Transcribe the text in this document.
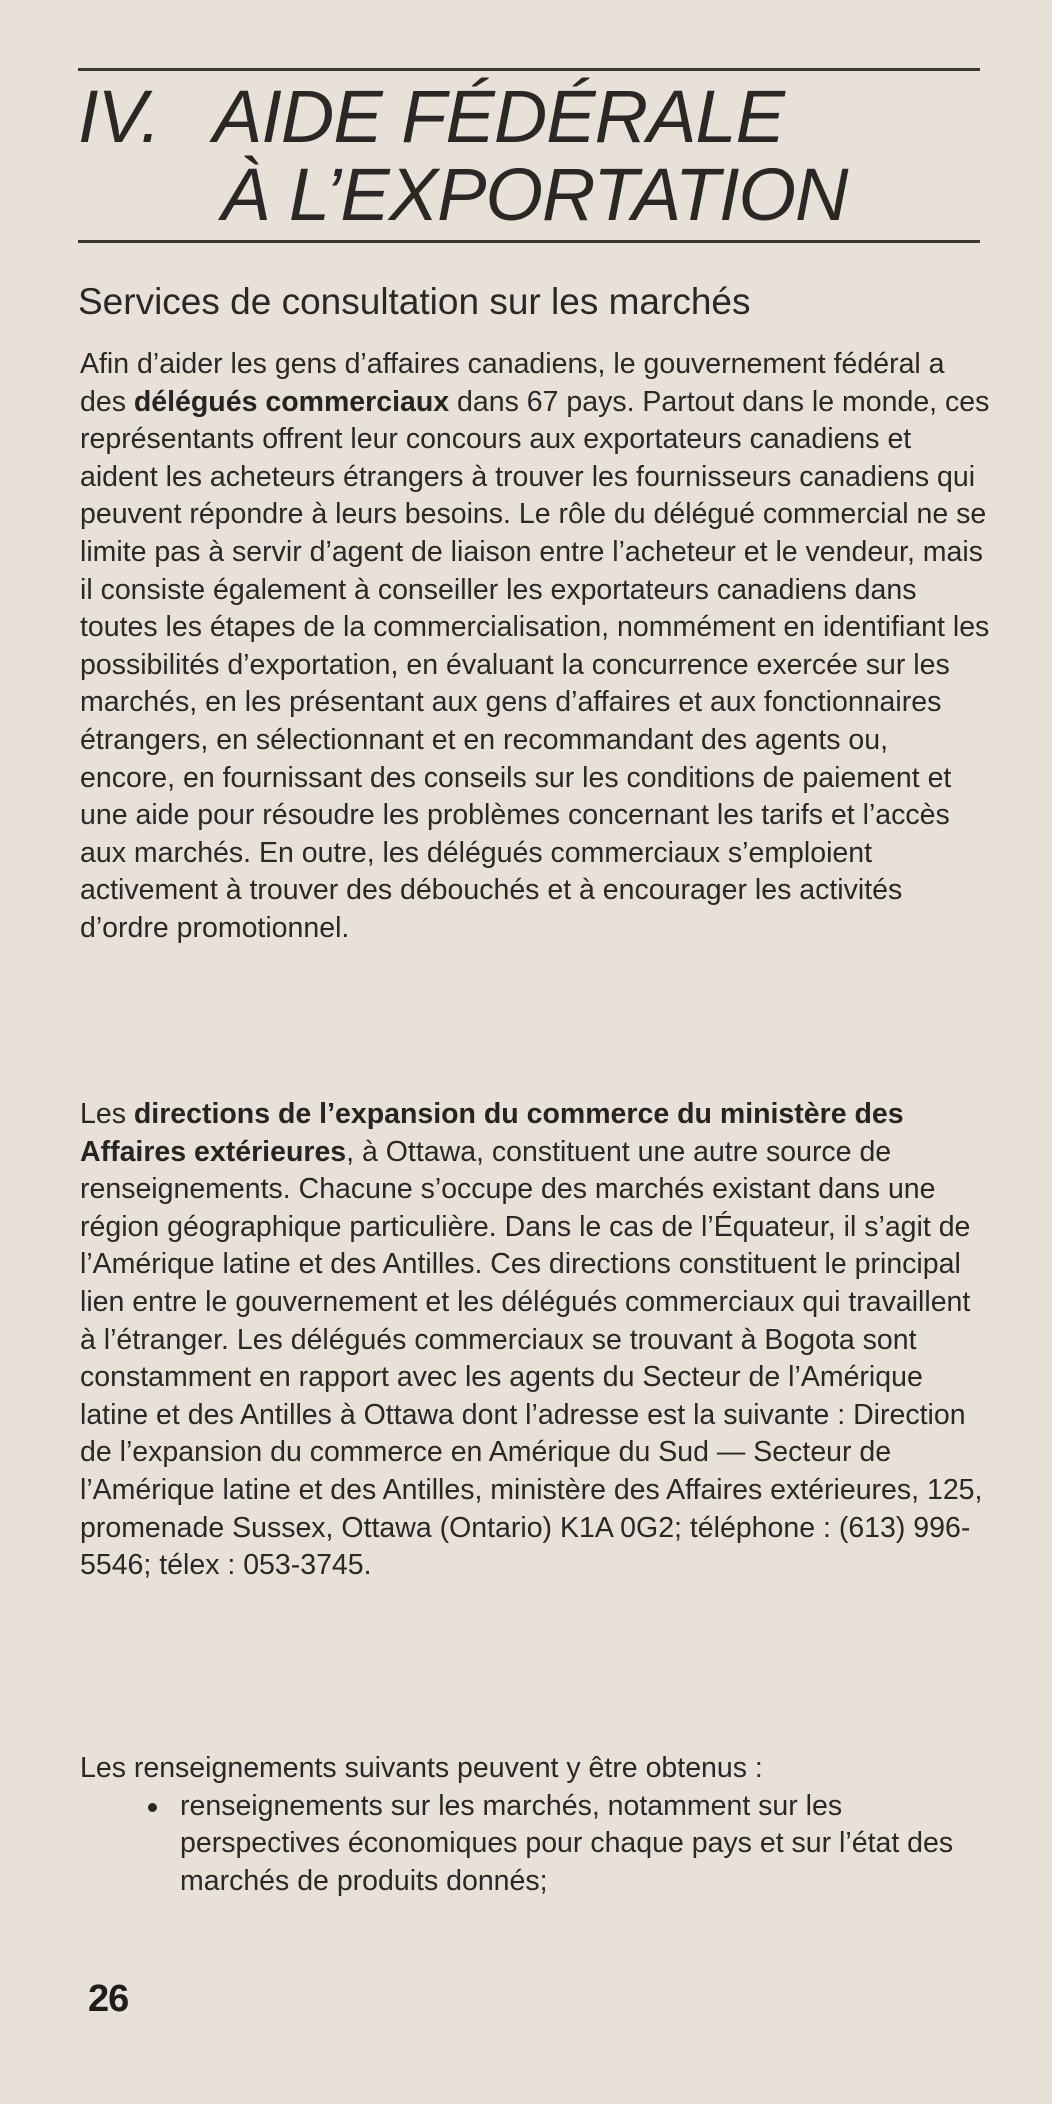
IV. AIDE FÉDÉRALE
À L’EXPORTATION
Services de consultation sur les marchés

Afin d’aider les gens d’affaires canadiens, le gouvernement fédéral a des délégués commerciaux dans 67 pays. Partout dans le monde, ces représentants offrent leur concours aux exportateurs canadiens et aident les acheteurs étrangers à trouver les fournisseurs canadiens qui peuvent répondre à leurs besoins. Le rôle du délégué commercial ne se limite pas à servir d’agent de liaison entre l’acheteur et le vendeur, mais il consiste également à conseiller les exportateurs canadiens dans toutes les étapes de la commercialisation, nommément en identifiant les possibilités d’exportation, en évaluant la concurrence exercée sur les marchés, en les présentant aux gens d’affaires et aux fonctionnaires étrangers, en sélectionnant et en recommandant des agents ou, encore, en fournissant des conseils sur les conditions de paiement et une aide pour résoudre les problèmes concernant les tarifs et l’accès aux marchés. En outre, les délégués commerciaux s’emploient activement à trouver des débouchés et à encourager les activités d’ordre promotionnel.

Les directions de l’expansion du commerce du ministère des Affaires extérieures, à Ottawa, constituent une autre source de renseignements. Chacune s’occupe des marchés existant dans une région géographique particulière. Dans le cas de l’Équateur, il s’agit de l’Amérique latine et des Antilles. Ces directions constituent le principal lien entre le gouvernement et les délégués commerciaux qui travaillent à l’étranger. Les délégués commerciaux se trouvant à Bogota sont constamment en rapport avec les agents du Secteur de l’Amérique latine et des Antilles à Ottawa dont l’adresse est la suivante : Direction de l’expansion du commerce en Amérique du Sud — Secteur de l’Amérique latine et des Antilles, ministère des Affaires extérieures, 125, promenade Sussex, Ottawa (Ontario) K1A 0G2; téléphone : (613) 996-5546; télex : 053-3745.

Les renseignements suivants peuvent y être obtenus :

renseignements sur les marchés, notamment sur les perspectives économiques pour chaque pays et sur l’état des marchés de produits donnés;
26
